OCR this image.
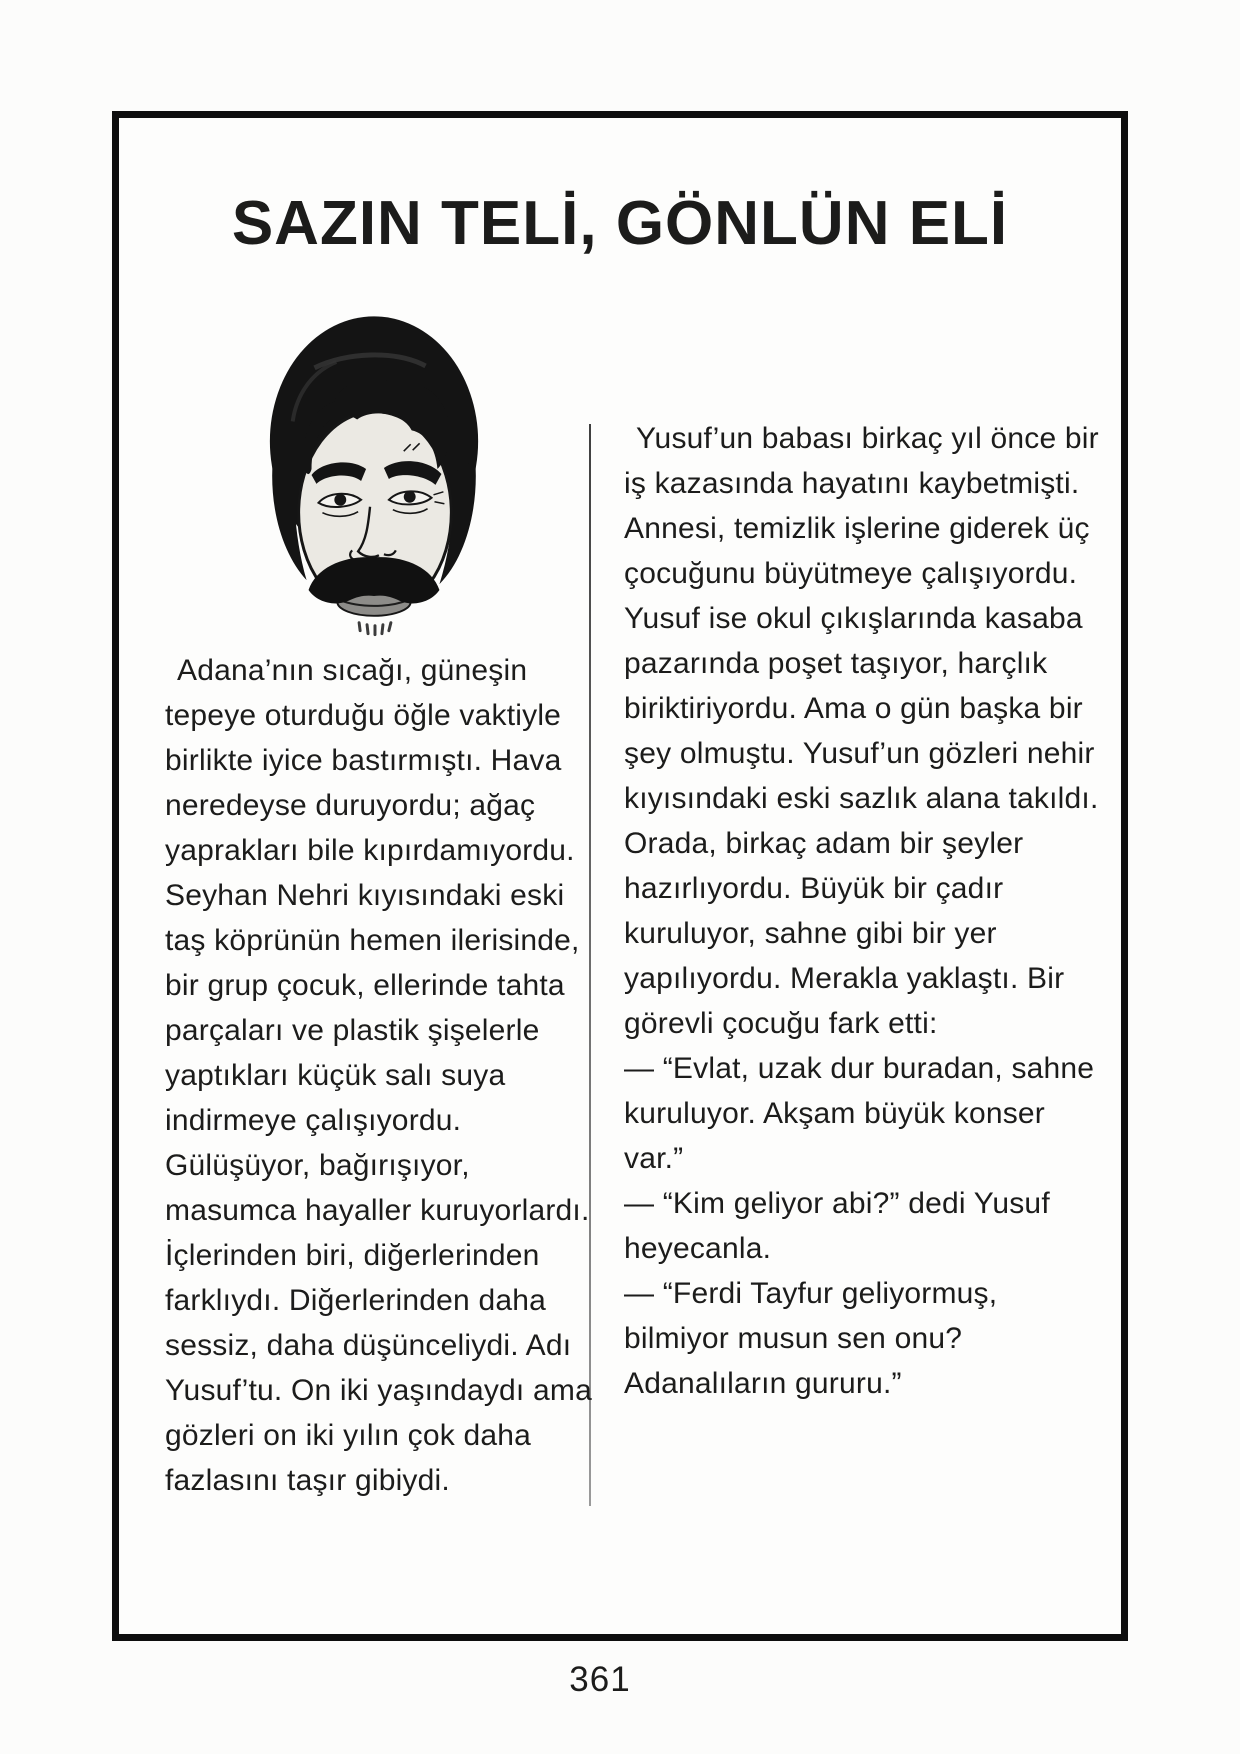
SAZIN TELİ, GÖNLÜN ELİ

Adana’nın sıcağı, güneşin tepeye oturduğu öğle vaktiyle birlikte iyice bastırmıştı. Hava neredeyse duruyordu; ağaç yaprakları bile kıpırdamıyordu. Seyhan Nehri kıyısındaki eski taş köprünün hemen ilerisinde, bir grup çocuk, ellerinde tahta parçaları ve plastik şişelerle yaptıkları küçük salı suya indirmeye çalışıyordu. Gülüşüyor, bağırışıyor, masumca hayaller kuruyorlardı. İçlerinden biri, diğerlerinden farklıydı. Diğerlerinden daha sessiz, daha düşünceliydi. Adı Yusuf’tu. On iki yaşındaydı ama gözleri on iki yılın çok daha fazlasını taşır gibiydi.

Yusuf’un babası birkaç yıl önce bir iş kazasında hayatını kaybetmişti. Annesi, temizlik işlerine giderek üç çocuğunu büyütmeye çalışıyordu. Yusuf ise okul çıkışlarında kasaba pazarında poşet taşıyor, harçlık biriktiriyordu. Ama o gün başka bir şey olmuştu. Yusuf’un gözleri nehir kıyısındaki eski sazlık alana takıldı. Orada, birkaç adam bir şeyler hazırlıyordu. Büyük bir çadır kuruluyor, sahne gibi bir yer yapılıyordu. Merakla yaklaştı. Bir görevli çocuğu fark etti:

— “Evlat, uzak dur buradan, sahne kuruluyor. Akşam büyük konser var.”

— “Kim geliyor abi?” dedi Yusuf heyecanla.

— “Ferdi Tayfur geliyormuş, bilmiyor musun sen onu? Adanalıların gururu.”

361
